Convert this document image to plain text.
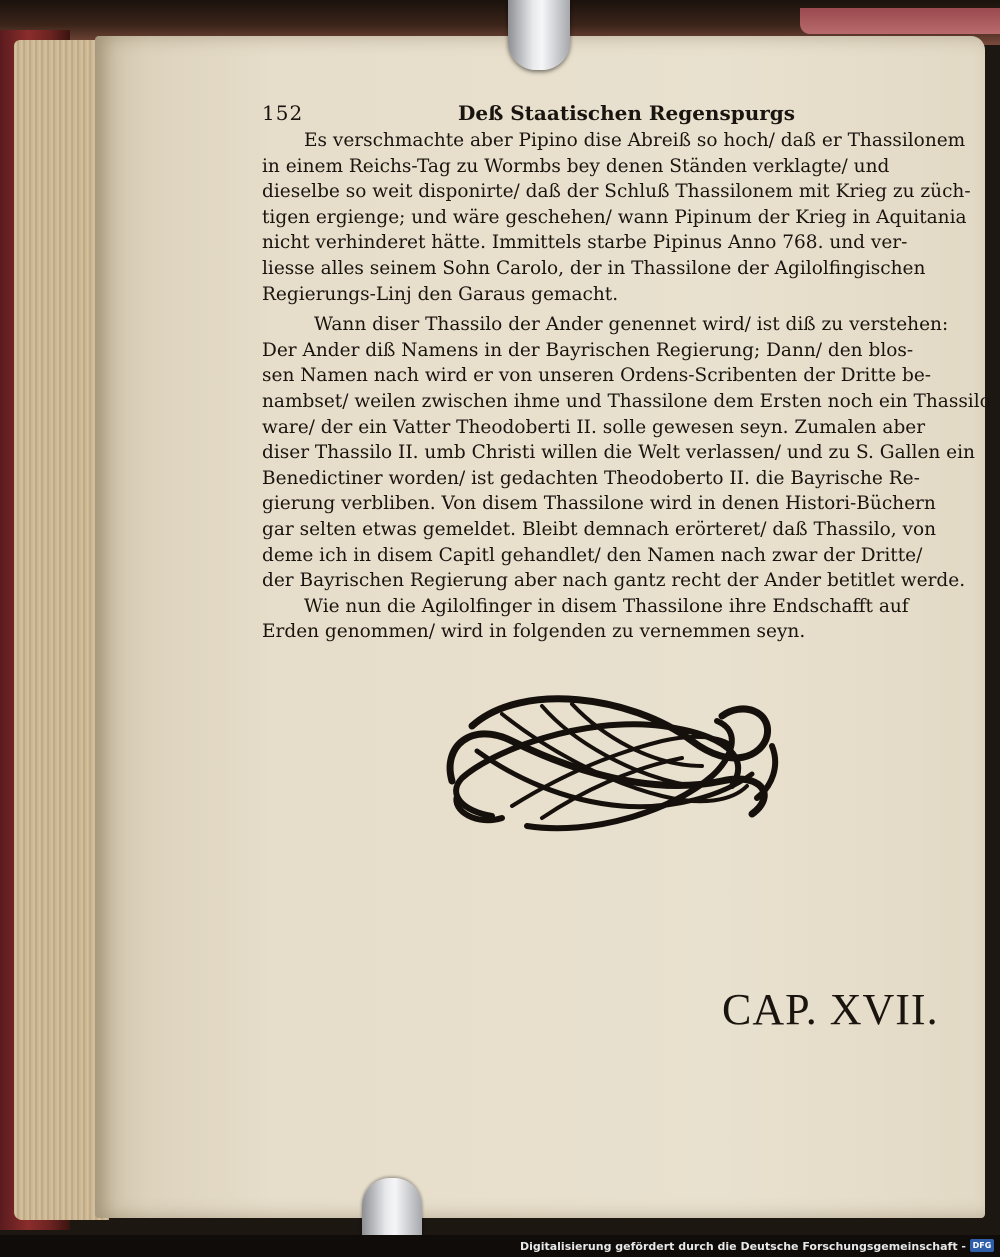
152	Deß Staatischen Regenspurgs

Es verschmachte aber Pipino dise Abreiß so hoch/ daß er Thassilonem
in einem Reichs-Tag zu Wormbs bey denen Ständen verklagte/ und
dieselbe so weit disponirte/ daß der Schluß Thassilonem mit Krieg zu züch-
tigen ergienge; und wäre geschehen/ wann Pipinum der Krieg in Aquitania
nicht verhinderet hätte. Immittels starbe Pipinus Anno 768. und ver-
liesse alles seinem Sohn Carolo, der in Thassilone der Agilolfingischen
Regierungs-Linj den Garaus gemacht.

Wann diser Thassilo der Ander genennet wird/ ist diß zu verstehen:
Der Ander diß Namens in der Bayrischen Regierung; Dann/ den blos-
sen Namen nach wird er von unseren Ordens-Scribenten der Dritte be-
nambset/ weilen zwischen ihme und Thassilone dem Ersten noch ein Thassilo
ware/ der ein Vatter Theodoberti II. solle gewesen seyn. Zumalen aber
diser Thassilo II. umb Christi willen die Welt verlassen/ und zu S. Gallen ein
Benedictiner worden/ ist gedachten Theodoberto II. die Bayrische Re-
gierung verbliben. Von disem Thassilone wird in denen Histori-Büchern
gar selten etwas gemeldet. Bleibt demnach erörteret/ daß Thassilo, von
deme ich in disem Capitl gehandlet/ den Namen nach zwar der Dritte/
der Bayrischen Regierung aber nach gantz recht der Ander betitlet werde.

Wie nun die Agilolfinger in disem Thassilone ihre Endschafft auf
Erden genommen/ wird in folgenden zu vernemmen seyn.

CAP. XVII.
Digitalisierung gefördert durch die Deutsche Forschungsgemeinschaft - DFG
